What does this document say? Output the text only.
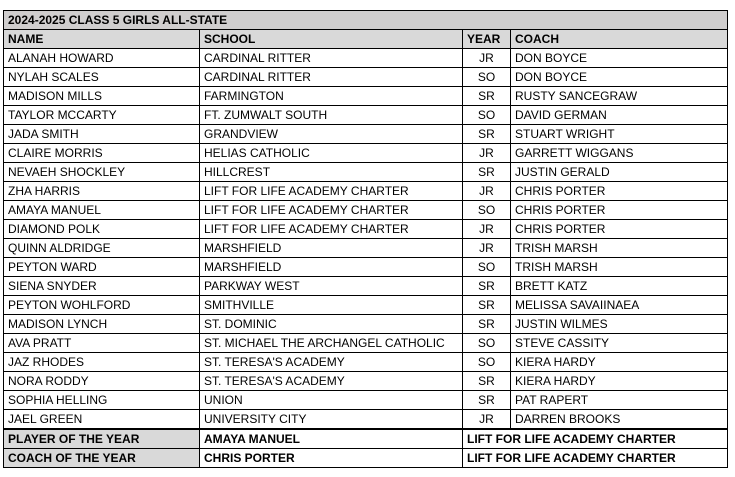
2024-2025 CLASS 5 GIRLS ALL-STATE			
NAME	SCHOOL	YEAR	COACH
ALANAH HOWARD	CARDINAL RITTER	JR	DON BOYCE
NYLAH SCALES	CARDINAL RITTER	SO	DON BOYCE
MADISON MILLS	FARMINGTON	SR	RUSTY SANCEGRAW
TAYLOR MCCARTY	FT. ZUMWALT SOUTH	SO	DAVID GERMAN
JADA SMITH	GRANDVIEW	SR	STUART WRIGHT
CLAIRE MORRIS	HELIAS CATHOLIC	JR	GARRETT WIGGANS
NEVAEH SHOCKLEY	HILLCREST	SR	JUSTIN GERALD
ZHA HARRIS	LIFT FOR LIFE ACADEMY CHARTER	JR	CHRIS PORTER
AMAYA MANUEL	LIFT FOR LIFE ACADEMY CHARTER	SO	CHRIS PORTER
DIAMOND POLK	LIFT FOR LIFE ACADEMY CHARTER	JR	CHRIS PORTER
QUINN ALDRIDGE	MARSHFIELD	JR	TRISH MARSH
PEYTON WARD	MARSHFIELD	SO	TRISH MARSH
SIENA SNYDER	PARKWAY WEST	SR	BRETT KATZ
PEYTON WOHLFORD	SMITHVILLE	SR	MELISSA SAVAIINAEA
MADISON LYNCH	ST. DOMINIC	SR	JUSTIN WILMES
AVA PRATT	ST. MICHAEL THE ARCHANGEL CATHOLIC	SO	STEVE CASSITY
JAZ RHODES	ST. TERESA'S ACADEMY	SO	KIERA HARDY
NORA RODDY	ST. TERESA'S ACADEMY	SR	KIERA HARDY
SOPHIA HELLING	UNION	SR	PAT RAPERT
JAEL GREEN	UNIVERSITY CITY	JR	DARREN BROOKS
PLAYER OF THE YEAR	AMAYA MANUEL	LIFT FOR LIFE ACADEMY CHARTER	
COACH OF THE YEAR	CHRIS PORTER	LIFT FOR LIFE ACADEMY CHARTER	
